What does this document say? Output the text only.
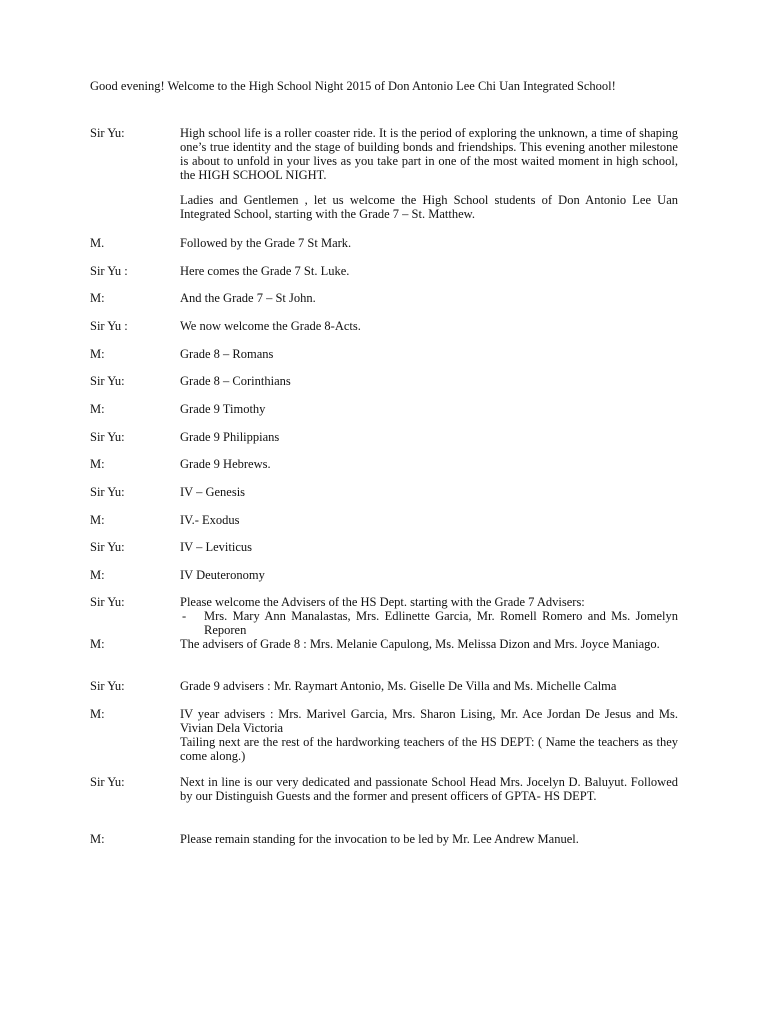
Good evening! Welcome to the High School Night 2015 of Don Antonio Lee Chi Uan Integrated School!
Sir Yu:	High school life is a roller coaster ride. It is the period of exploring the unknown, a time of shaping one’s true identity and the stage of building bonds and friendships. This evening another milestone is about to unfold in your lives as you take part in one of the most waited moment in high school, the HIGH SCHOOL NIGHT.
Ladies and Gentlemen , let us welcome the High School students of Don Antonio Lee Uan Integrated School, starting with the Grade 7 – St. Matthew.
M.	Followed by the Grade 7 St Mark.
Sir Yu :	Here comes the Grade 7 St. Luke.
M:	And the Grade 7 – St John.
Sir Yu :	We now welcome the Grade 8-Acts.
M:	Grade 8 – Romans
Sir Yu:	Grade 8 – Corinthians
M:	Grade 9 Timothy
Sir Yu:	Grade 9 Philippians
M:	Grade 9 Hebrews.
Sir Yu:	IV – Genesis
M:	IV.- Exodus
Sir Yu:	IV – Leviticus
M:	IV Deuteronomy
Sir Yu:	Please welcome the Advisers of the HS Dept. starting with the Grade 7 Advisers:
- Mrs. Mary Ann Manalastas, Mrs. Edlinette Garcia, Mr. Romell Romero and Ms. Jomelyn Reporen
M:	The advisers of Grade 8 : Mrs. Melanie Capulong, Ms. Melissa Dizon and Mrs. Joyce Maniago.
Sir Yu:	Grade 9 advisers : Mr. Raymart Antonio, Ms. Giselle De Villa and Ms. Michelle Calma
M:	IV year advisers : Mrs. Marivel Garcia, Mrs. Sharon Lising, Mr. Ace Jordan De Jesus and Ms. Vivian Dela Victoria
Tailing next are the rest of the hardworking teachers of the HS DEPT: ( Name the teachers as they come along.)
Sir Yu:	Next in line is our very dedicated and passionate School Head Mrs. Jocelyn D. Baluyut. Followed by our Distinguish Guests and the former and present officers of GPTA- HS DEPT.
M:	Please remain standing for the invocation to be led by Mr. Lee Andrew Manuel.
